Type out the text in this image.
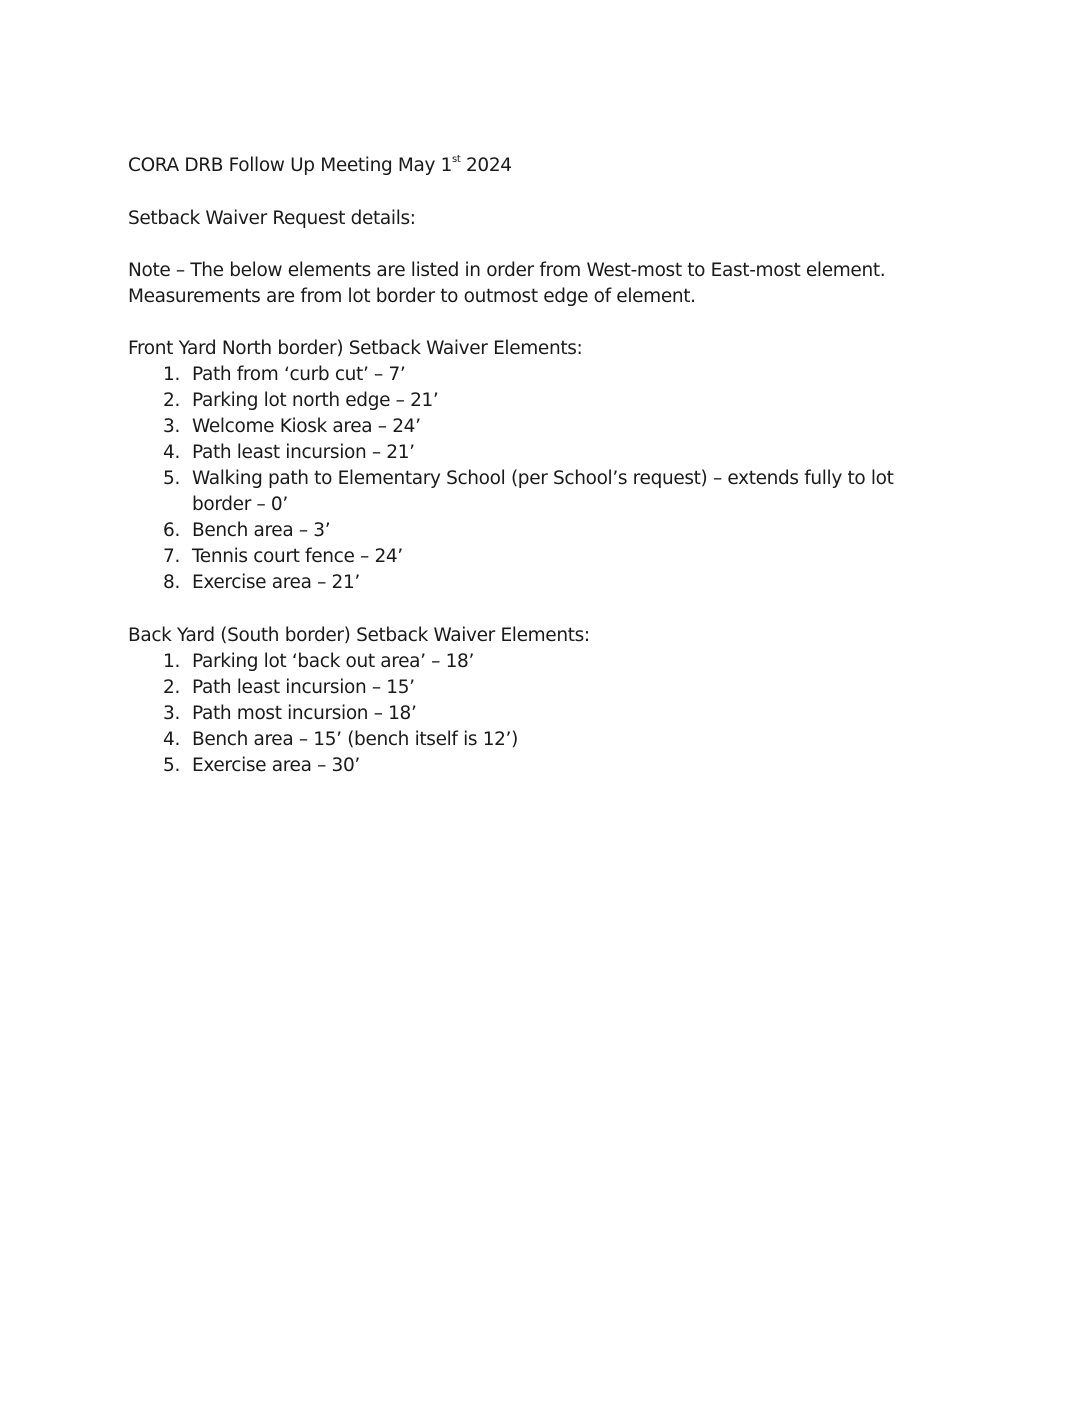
CORA DRB Follow Up Meeting May 1st 2024
Setback Waiver Request details:
Note – The below elements are listed in order from West-most to East-most element.
Measurements are from lot border to outmost edge of element.
Front Yard North border) Setback Waiver Elements:
1. Path from ‘curb cut’ – 7’
2. Parking lot north edge – 21’
3. Welcome Kiosk area – 24’
4. Path least incursion – 21’
5. Walking path to Elementary School (per School’s request) – extends fully to lot
border – 0’
6. Bench area – 3’
7. Tennis court fence – 24’
8. Exercise area – 21’
Back Yard (South border) Setback Waiver Elements:
1. Parking lot ‘back out area’ – 18’
2. Path least incursion – 15’
3. Path most incursion – 18’
4. Bench area – 15’ (bench itself is 12’)
5. Exercise area – 30’
